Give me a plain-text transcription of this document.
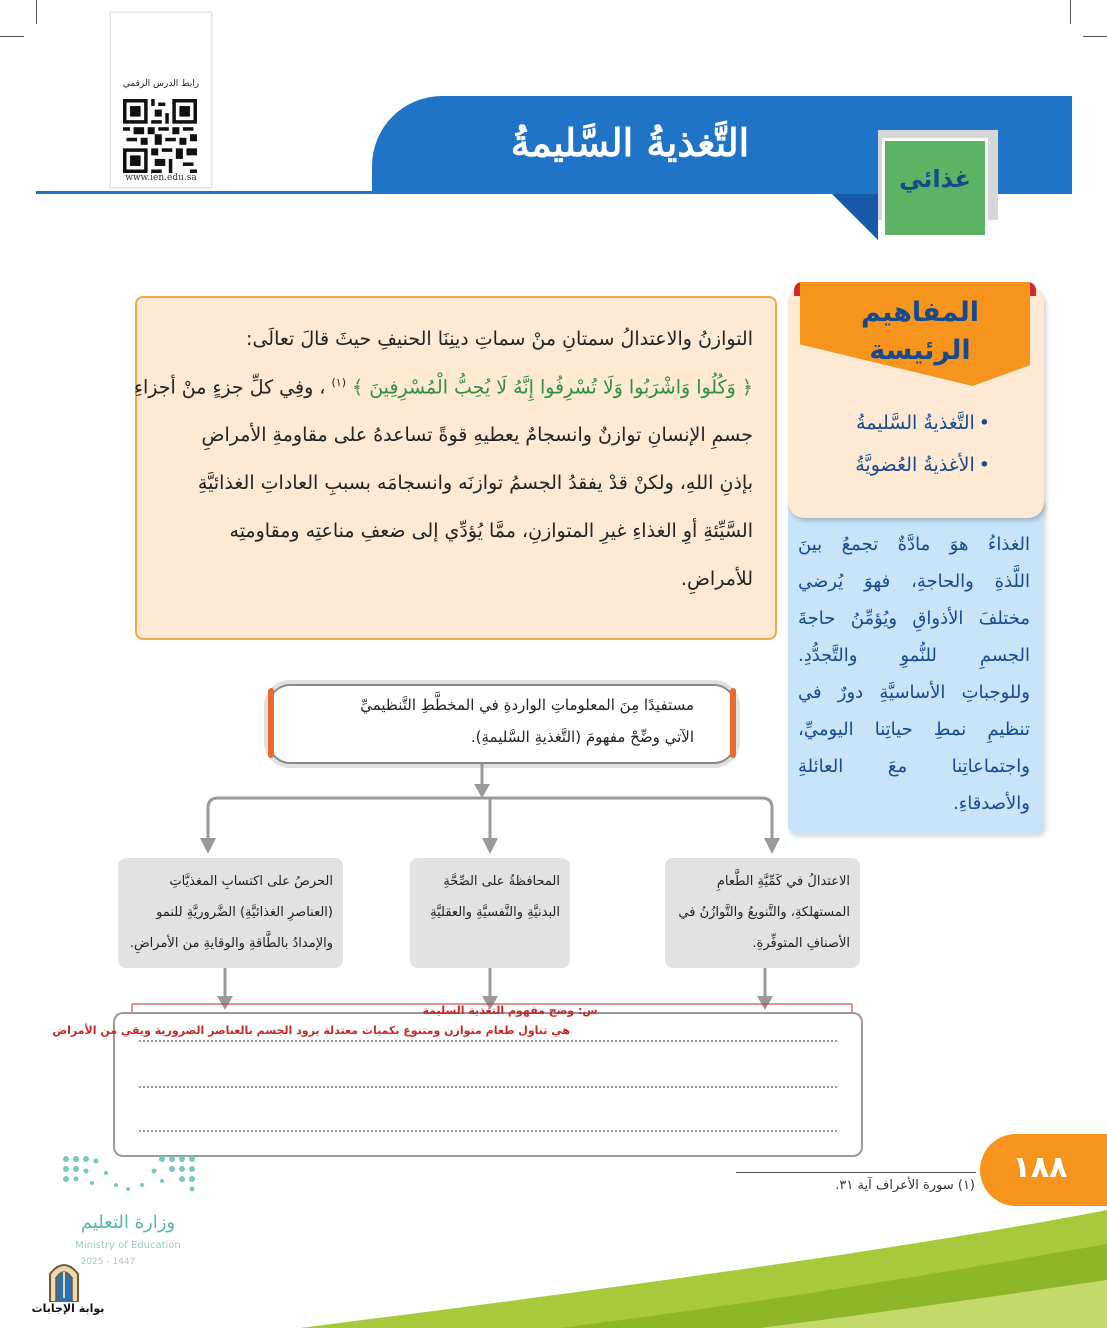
رابط الدرس الرقمي
www.ien.edu.sa
التَّغذيةُ السَّليمةُ
غذائي
التوازنُ والاعتدالُ سمتانِ منْ سماتِ دينِنَا الحنيفِ حيثَ قالَ تعالَى:
﴿ وَكُلُوا وَاشْرَبُوا وَلَا تُسْرِفُوا إِنَّهُ لَا يُحِبُّ الْمُسْرِفِينَ ﴾ $^{(١)}$ ، وفِي كلِّ جزءٍ منْ أجزاءِ
جسمِ الإنسانِ توازنٌ وانسجامٌ يعطيهِ قوةً تساعدهُ على مقاومةِ الأمراضِ
بإذنِ اللهِ، ولكنْ قدْ يفقدُ الجسمُ توازنَه وانسجامَه بسببِ العاداتِ الغذائيَّةِ
السَّيِّئةِ أوِ الغذاءِ غيرِ المتوازنِ، ممَّا يُؤدِّي إلى ضعفِ مناعتِه ومقاومتِه
للأمراضِ.
الغذاءُ هوَ مادَّةٌ تجمعُ بينَ
اللَّذةِ والحاجةِ، فهوَ يُرضي
مختلفَ الأذواقِ ويُؤمِّنُ حاجةَ
الجسمِ للنُّموِ والتَّجدُّدِ.
وللوجباتِ الأساسيَّةِ دورٌ في
تنظيمِ نمطِ حياتِنا اليوميِّ،
واجتماعاتِنا معَ العائلةِ
والأصدقاءِ.
المفاهيم
الرئيسة
•التَّغذيةُ السَّليمةُ
•الأغذيةُ العُضويَّةُ
مستفيدًا مِنَ المعلوماتِ الواردةِ في المخطَّطِ التَّنظيميِّ
الآتي وضِّحْ مفهومَ (التَّغذيةِ السَّليمةِ).
الاعتدالُ في كَمِّيَّةِ الطَّعامِ
المستهلكةِ، والتَّنويعُ والتَّوازُنُ في
الأصنافِ المتوفِّرةِ.
المحافظةُ على الصِّحَّةِ
البدنيَّةِ والنَّفسيَّةِ والعقليَّةِ
الحرصُ على اكتسابِ المغذيَّاتِ
(العناصرِ الغذائيَّةِ) الضَّروريَّةِ للنمو
والإمدادُ بالطَّاقةِ والوقايةِ من الأمراضِ.
س: وضح مفهوم التغذية السليمة
هي تناول طعام متوازن ومتنوع بكميات معتدلة يزود الجسم بالعناصر الضرورية ويقي من الأمراض
١٨٨
(١) سورة الأعراف آية ٣١.
وزارة التعليم
Ministry of Education
2025 - 1447
بوابة الإجابات
